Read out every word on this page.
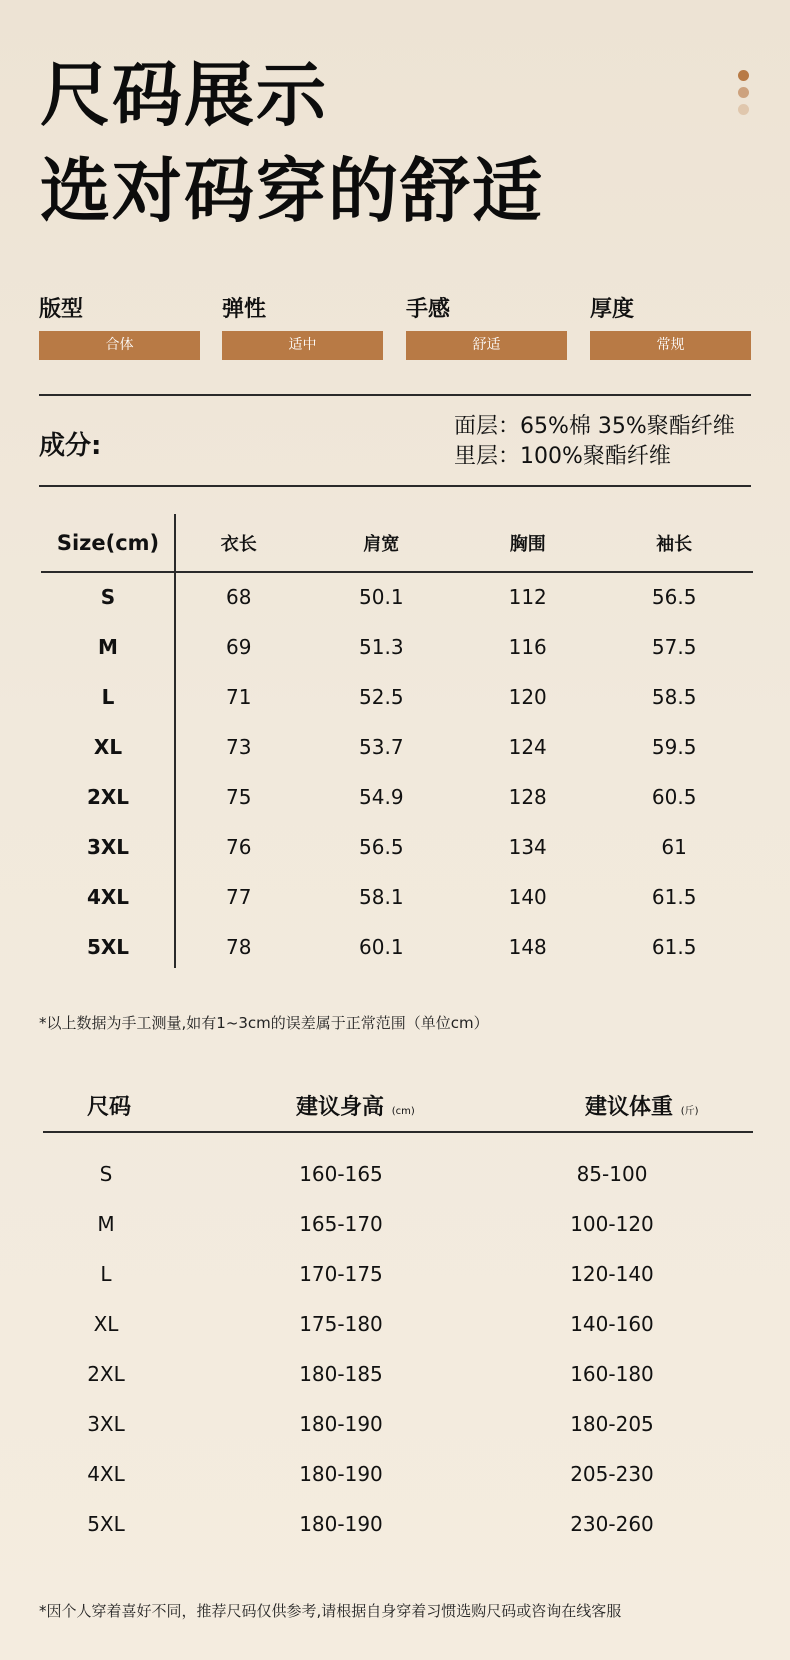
尺码展示
选对码穿的舒适
版型
合体
弹性
适中
手感
舒适
厚度
常规
成分:
面层：65%棉 35%聚酯纤维
里层：100%聚酯纤维
Size(cm)	衣长	肩宽	胸围	袖长
S	68	50.1	112	56.5
M	69	51.3	116	57.5
L	71	52.5	120	58.5
XL	73	53.7	124	59.5
2XL	75	54.9	128	60.5
3XL	76	56.5	134	61
4XL	77	58.1	140	61.5
5XL	78	60.1	148	61.5
*以上数据为手工测量,如有1~3cm的误差属于正常范围（单位cm）
尺码	建议身高 (cm)	建议体重 (斤)
S	160-165	85-100
M	165-170	100-120
L	170-175	120-140
XL	175-180	140-160
2XL	180-185	160-180
3XL	180-190	180-205
4XL	180-190	205-230
5XL	180-190	230-260
*因个人穿着喜好不同，推荐尺码仅供参考,请根据自身穿着习惯选购尺码或咨询在线客服
